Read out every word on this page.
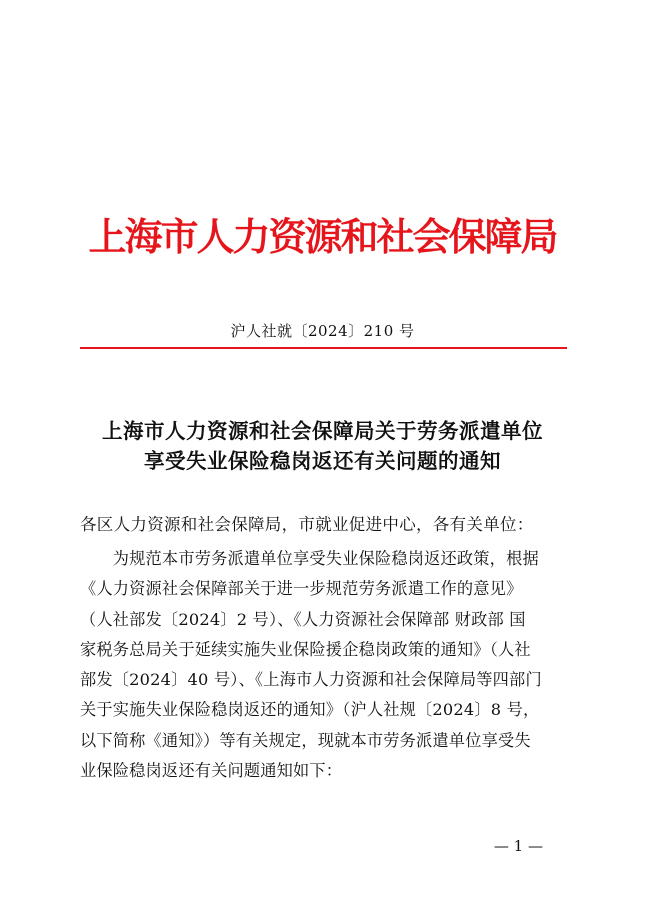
上海市人力资源和社会保障局
沪人社就〔2024〕210 号
上海市人力资源和社会保障局关于劳务派遣单位
享受失业保险稳岗返还有关问题的通知
各区人力资源和社会保障局，市就业促进中心，各有关单位：
　　为规范本市劳务派遣单位享受失业保险稳岗返还政策，根据
《人力资源社会保障部关于进一步规范劳务派遣工作的意见》
（人社部发〔2024〕2 号）、《人力资源社会保障部 财政部 国
家税务总局关于延续实施失业保险援企稳岗政策的通知》（人社
部发〔2024〕40 号）、《上海市人力资源和社会保障局等四部门
关于实施失业保险稳岗返还的通知》（沪人社规〔2024〕8 号，
以下简称《通知》）等有关规定，现就本市劳务派遣单位享受失
业保险稳岗返还有关问题通知如下：
— 1 —
